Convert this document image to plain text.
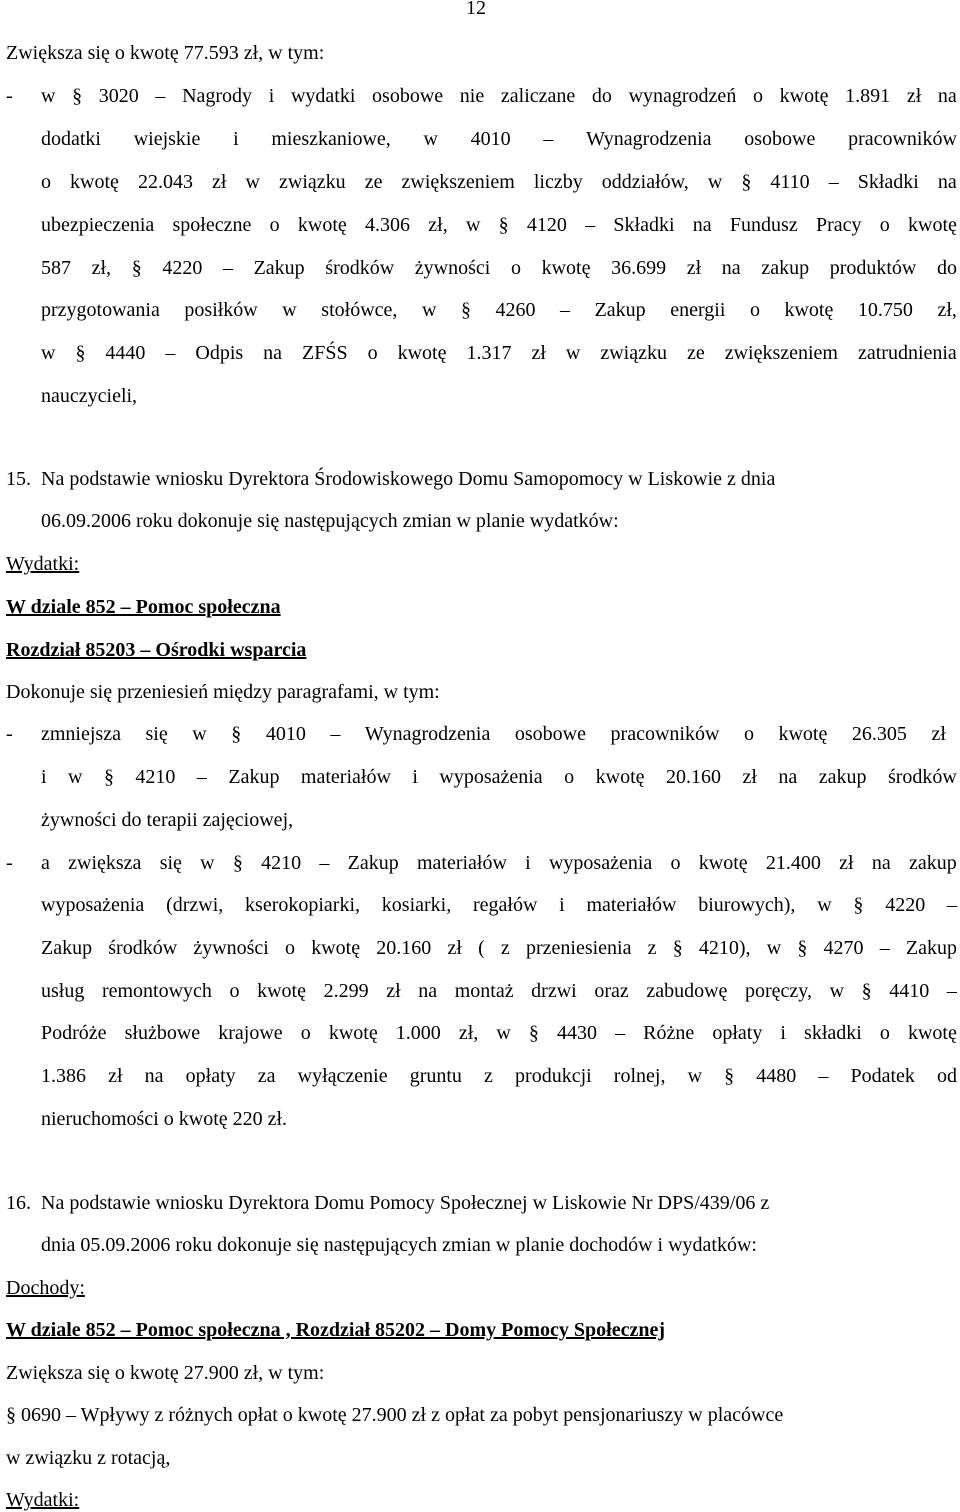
12
Zwiększa się o kwotę 77.593 zł, w tym:
- w § 3020 – Nagrody i wydatki osobowe nie zaliczane do wynagrodzeń o kwotę 1.891 zł na
dodatki wiejskie i mieszkaniowe, w 4010 – Wynagrodzenia osobowe pracowników
o kwotę 22.043 zł w związku ze zwiększeniem liczby oddziałów, w § 4110 – Składki na
ubezpieczenia społeczne o kwotę 4.306 zł, w § 4120 – Składki na Fundusz Pracy o kwotę
587 zł, § 4220 – Zakup środków żywności o kwotę 36.699 zł na zakup produktów do
przygotowania posiłków w stołówce, w § 4260 – Zakup energii o kwotę 10.750 zł,
w § 4440 – Odpis na ZFŚS o kwotę 1.317 zł w związku ze zwiększeniem zatrudnienia
nauczycieli,
15. Na podstawie wniosku Dyrektora Środowiskowego Domu Samopomocy w Liskowie z dnia
06.09.2006 roku dokonuje się następujących zmian w planie wydatków:
Wydatki:
W dziale 852 – Pomoc społeczna
Rozdział 85203 – Ośrodki wsparcia
Dokonuje się przeniesień między paragrafami, w tym:
- zmniejsza się w § 4010 – Wynagrodzenia osobowe pracowników o kwotę 26.305 zł
i w § 4210 – Zakup materiałów i wyposażenia o kwotę 20.160 zł na zakup środków
żywności do terapii zajęciowej,
- a zwiększa się w § 4210 – Zakup materiałów i wyposażenia o kwotę 21.400 zł na zakup
wyposażenia (drzwi, kserokopiarki, kosiarki, regałów i materiałów biurowych), w § 4220 –
Zakup środków żywności o kwotę 20.160 zł ( z przeniesienia z § 4210), w § 4270 – Zakup
usług remontowych o kwotę 2.299 zł na montaż drzwi oraz zabudowę poręczy, w § 4410 –
Podróże służbowe krajowe o kwotę 1.000 zł, w § 4430 – Różne opłaty i składki o kwotę
1.386 zł na opłaty za wyłączenie gruntu z produkcji rolnej, w § 4480 – Podatek od
nieruchomości o kwotę 220 zł.
16. Na podstawie wniosku Dyrektora Domu Pomocy Społecznej w Liskowie Nr DPS/439/06 z
dnia 05.09.2006 roku dokonuje się następujących zmian w planie dochodów i wydatków:
Dochody:
W dziale 852 – Pomoc społeczna , Rozdział 85202 – Domy Pomocy Społecznej
Zwiększa się o kwotę 27.900 zł, w tym:
§ 0690 – Wpływy z różnych opłat o kwotę 27.900 zł z opłat za pobyt pensjonariuszy w placówce
w związku z rotacją,
Wydatki:
